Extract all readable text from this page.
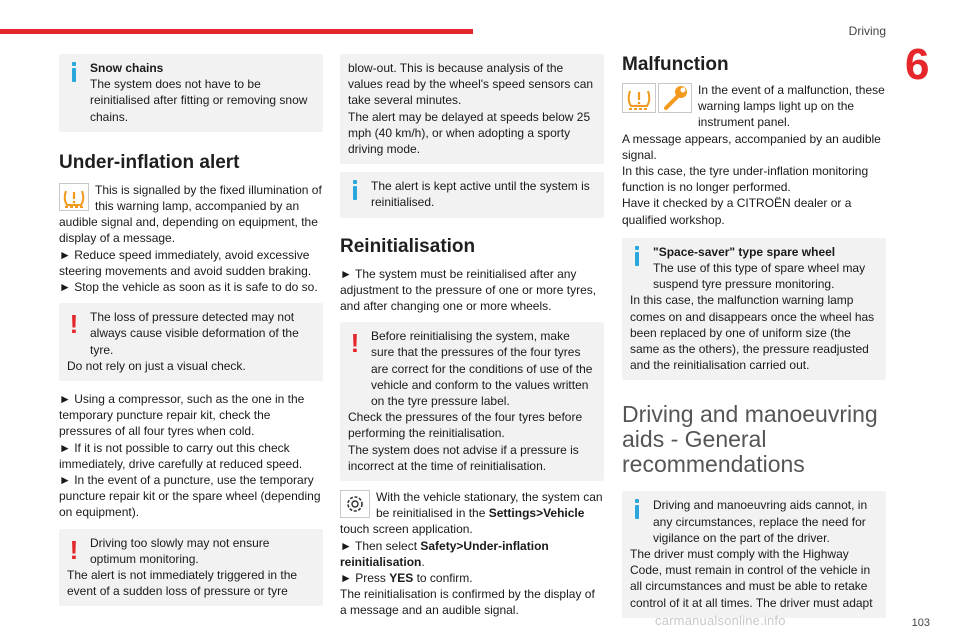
Driving
6

Snow chains

The system does not have to be reinitialised after fitting or removing snow chains.

Under-inflation alert

This is signalled by the fixed illumination of this warning lamp, accompanied by an audible signal and, depending on equipment, the display of a message.

► Reduce speed immediately, avoid excessive steering movements and avoid sudden braking.

► Stop the vehicle as soon as it is safe to do so.

! The loss of pressure detected may not always cause visible deformation of the tyre.

Do not rely on just a visual check.

► Using a compressor, such as the one in the temporary puncture repair kit, check the pressures of all four tyres when cold.

► If it is not possible to carry out this check immediately, drive carefully at reduced speed.

► In the event of a puncture, use the temporary puncture repair kit or the spare wheel (depending on equipment).

! Driving too slowly may not ensure optimum monitoring.

The alert is not immediately triggered in the event of a sudden loss of pressure or tyre

blow-out. This is because analysis of the values read by the wheel's speed sensors can take several minutes.

The alert may be delayed at speeds below 25 mph (40 km/h), or when adopting a sporty driving mode.

The alert is kept active until the system is reinitialised.

Reinitialisation

► The system must be reinitialised after any adjustment to the pressure of one or more tyres, and after changing one or more wheels.

! Before reinitialising the system, make sure that the pressures of the four tyres are correct for the conditions of use of the vehicle and conform to the values written on the tyre pressure label.

Check the pressures of the four tyres before performing the reinitialisation.

The system does not advise if a pressure is incorrect at the time of reinitialisation.

With the vehicle stationary, the system can be reinitialised in the Settings>Vehicle touch screen application.

► Then select Safety>Under-inflation reinitialisation.

► Press YES to confirm.

The reinitialisation is confirmed by the display of a message and an audible signal.

Malfunction

In the event of a malfunction, these warning lamps light up on the instrument panel.

A message appears, accompanied by an audible signal.

In this case, the tyre under-inflation monitoring function is no longer performed.

Have it checked by a CITROËN dealer or a qualified workshop.

"Space-saver" type spare wheel

The use of this type of spare wheel may suspend tyre pressure monitoring.

In this case, the malfunction warning lamp comes on and disappears once the wheel has been replaced by one of uniform size (the same as the others), the pressure readjusted and the reinitialisation carried out.

Driving and manoeuvring aids - General recommendations

Driving and manoeuvring aids cannot, in any circumstances, replace the need for vigilance on the part of the driver.

The driver must comply with the Highway Code, must remain in control of the vehicle in all circumstances and must be able to retake control of it at all times. The driver must adapt

carmanualsonline.info	103
